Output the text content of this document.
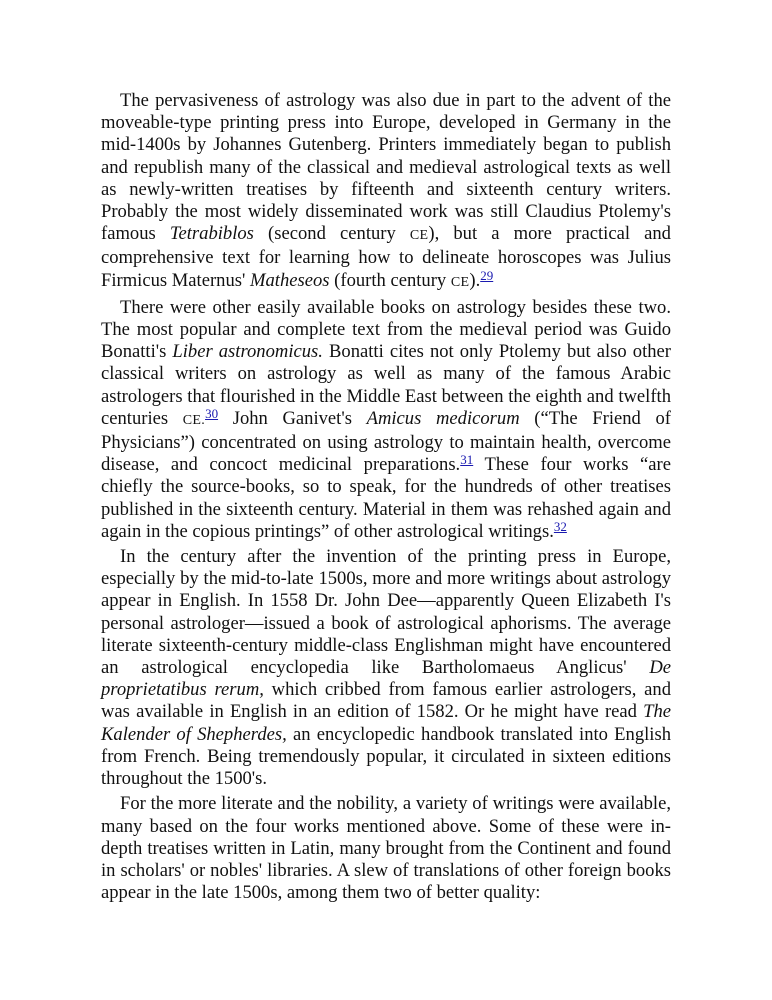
The pervasiveness of astrology was also due in part to the advent of the moveable-type printing press into Europe, developed in Germany in the mid-1400s by Johannes Gutenberg. Printers immediately began to publish and republish many of the classical and medieval astrological texts as well as newly-written treatises by fifteenth and sixteenth century writers. Probably the most widely disseminated work was still Claudius Ptolemy's famous Tetrabiblos (second century CE), but a more practical and comprehensive text for learning how to delineate horoscopes was Julius Firmicus Maternus' Matheseos (fourth century CE).$^{29}$

There were other easily available books on astrology besides these two. The most popular and complete text from the medieval period was Guido Bonatti's Liber astronomicus. Bonatti cites not only Ptolemy but also other classical writers on astrology as well as many of the famous Arabic astrologers that flourished in the Middle East between the eighth and twelfth centuries CE.$^{30}$ John Ganivet's Amicus medicorum (“The Friend of Physicians”) concentrated on using astrology to maintain health, overcome disease, and concoct medicinal preparations.$^{31}$ These four works “are chiefly the source-books, so to speak, for the hundreds of other treatises published in the sixteenth century. Material in them was rehashed again and again in the copious printings” of other astrological writings.$^{32}$

In the century after the invention of the printing press in Europe, especially by the mid-to-late 1500s, more and more writings about astrology appear in English. In 1558 Dr. John Dee—apparently Queen Elizabeth I's personal astrologer—issued a book of astrological aphorisms. The average literate sixteenth-century middle-class Englishman might have encountered an astrological encyclopedia like Bartholomaeus Anglicus' De proprietatibus rerum, which cribbed from famous earlier astrologers, and was available in English in an edition of 1582. Or he might have read The Kalender of Shepherdes, an encyclopedic handbook translated into English from French. Being tremendously popular, it circulated in sixteen editions throughout the 1500's.

For the more literate and the nobility, a variety of writings were available, many based on the four works mentioned above. Some of these were in-depth treatises written in Latin, many brought from the Continent and found in scholars' or nobles' libraries. A slew of translations of other foreign books appear in the late 1500s, among them two of better quality:
